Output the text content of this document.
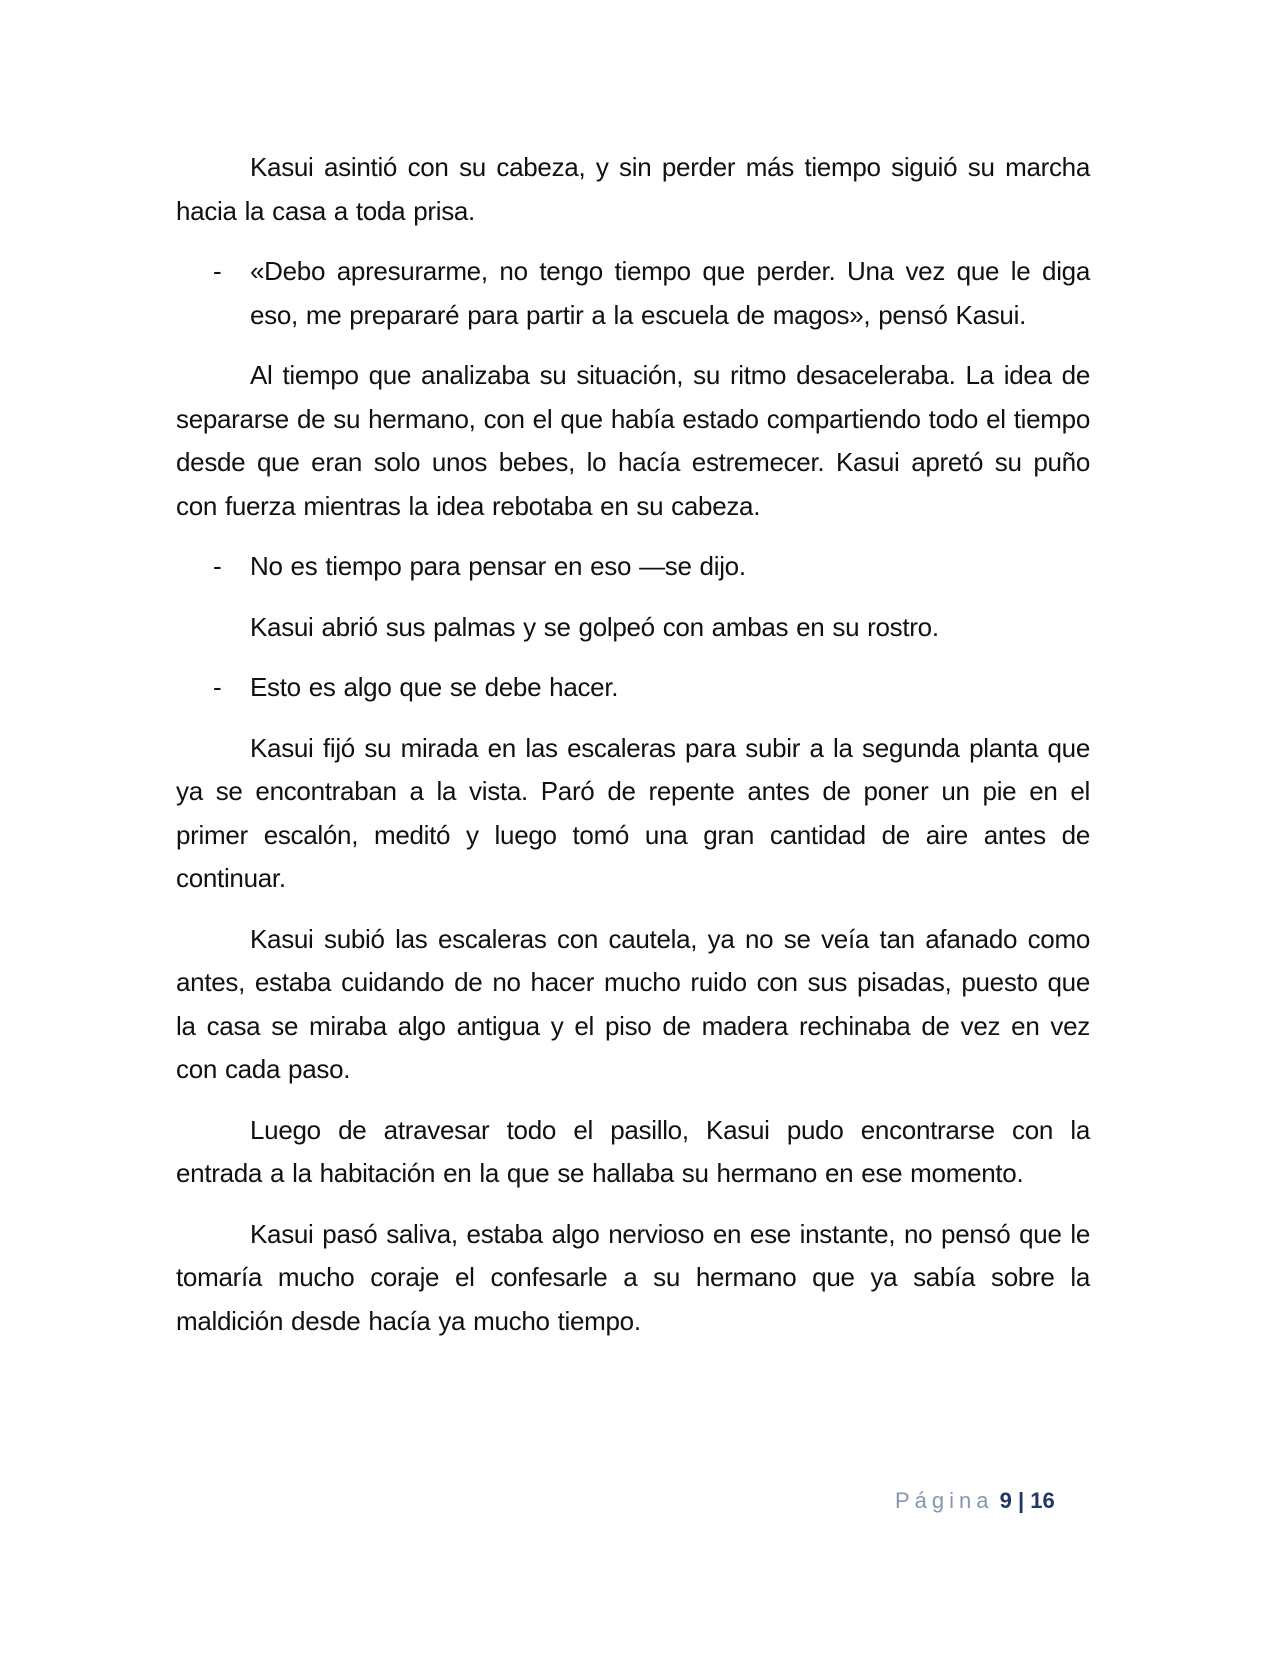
Kasui asintió con su cabeza, y sin perder más tiempo siguió su marcha hacia la casa a toda prisa.

- «Debo apresurarme, no tengo tiempo que perder. Una vez que le diga eso, me prepararé para partir a la escuela de magos», pensó Kasui.

Al tiempo que analizaba su situación, su ritmo desaceleraba. La idea de separarse de su hermano, con el que había estado compartiendo todo el tiempo desde que eran solo unos bebes, lo hacía estremecer. Kasui apretó su puño con fuerza mientras la idea rebotaba en su cabeza.

- No es tiempo para pensar en eso —se dijo.

Kasui abrió sus palmas y se golpeó con ambas en su rostro.

- Esto es algo que se debe hacer.

Kasui fijó su mirada en las escaleras para subir a la segunda planta que ya se encontraban a la vista. Paró de repente antes de poner un pie en el primer escalón, meditó y luego tomó una gran cantidad de aire antes de continuar.

Kasui subió las escaleras con cautela, ya no se veía tan afanado como antes, estaba cuidando de no hacer mucho ruido con sus pisadas, puesto que la casa se miraba algo antigua y el piso de madera rechinaba de vez en vez con cada paso.

Luego de atravesar todo el pasillo, Kasui pudo encontrarse con la entrada a la habitación en la que se hallaba su hermano en ese momento.

Kasui pasó saliva, estaba algo nervioso en ese instante, no pensó que le tomaría mucho coraje el confesarle a su hermano que ya sabía sobre la maldición desde hacía ya mucho tiempo.

Página 9 | 16
